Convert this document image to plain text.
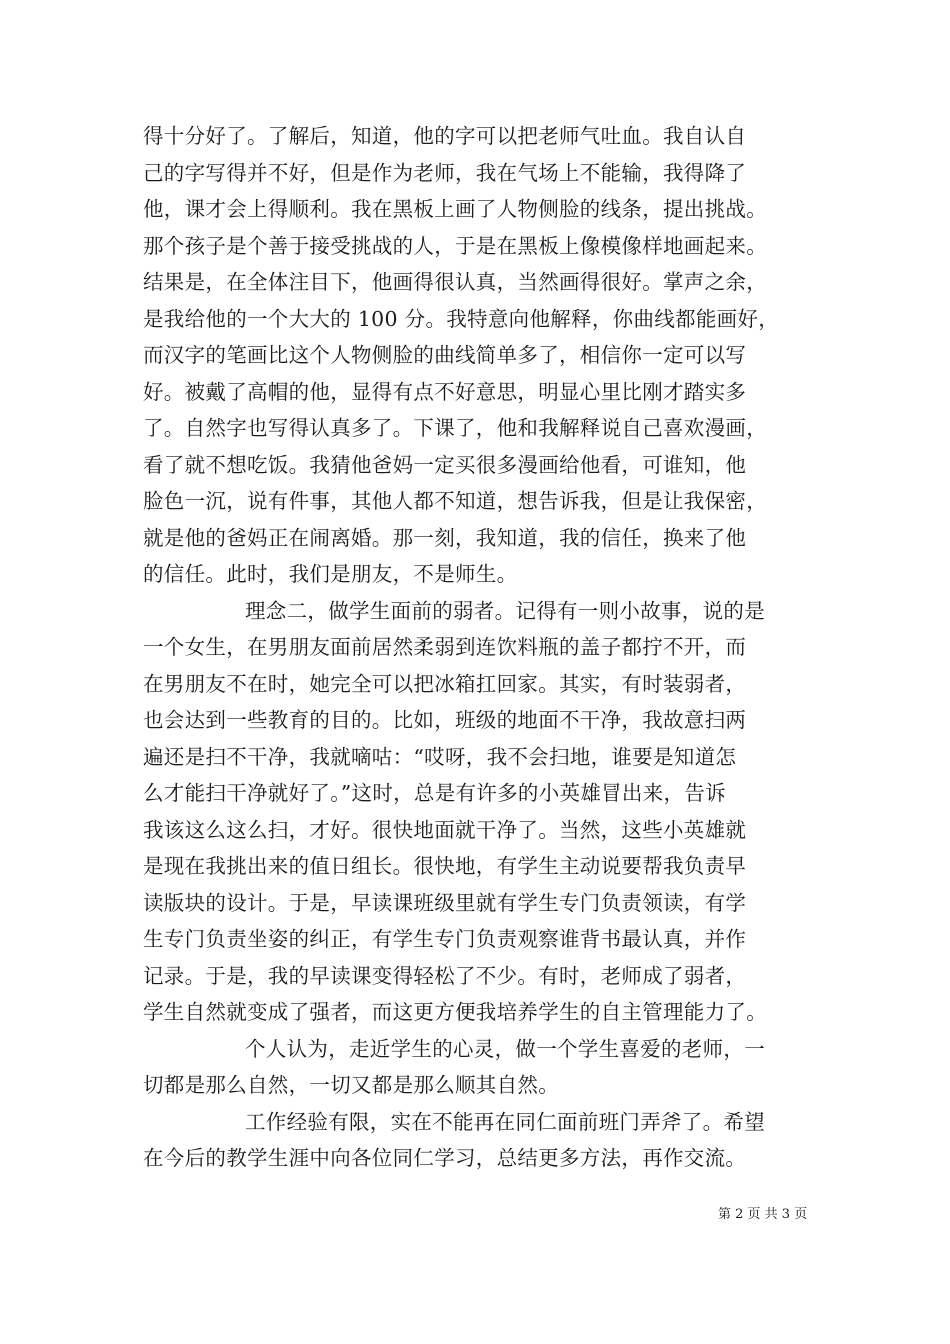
得十分好了。了解后，知道，他的字可以把老师气吐血。我自认自
己的字写得并不好，但是作为老师，我在气场上不能输，我得降了
他，课才会上得顺利。我在黑板上画了人物侧脸的线条，提出挑战。
那个孩子是个善于接受挑战的人，于是在黑板上像模像样地画起来。
结果是，在全体注目下，他画得很认真，当然画得很好。掌声之余，
是我给他的一个大大的 100 分。我特意向他解释，你曲线都能画好，
而汉字的笔画比这个人物侧脸的曲线简单多了，相信你一定可以写
好。被戴了高帽的他，显得有点不好意思，明显心里比刚才踏实多
了。自然字也写得认真多了。下课了，他和我解释说自己喜欢漫画，
看了就不想吃饭。我猜他爸妈一定买很多漫画给他看，可谁知，他
脸色一沉，说有件事，其他人都不知道，想告诉我，但是让我保密，
就是他的爸妈正在闹离婚。那一刻，我知道，我的信任，换来了他
的信任。此时，我们是朋友，不是师生。
理念二，做学生面前的弱者。记得有一则小故事，说的是
一个女生，在男朋友面前居然柔弱到连饮料瓶的盖子都拧不开，而
在男朋友不在时，她完全可以把冰箱扛回家。其实，有时装弱者，
也会达到一些教育的目的。比如，班级的地面不干净，我故意扫两
遍还是扫不干净，我就嘀咕：“哎呀，我不会扫地，谁要是知道怎
么才能扫干净就好了。”这时，总是有许多的小英雄冒出来，告诉
我该这么这么扫，才好。很快地面就干净了。当然，这些小英雄就
是现在我挑出来的值日组长。很快地，有学生主动说要帮我负责早
读版块的设计。于是，早读课班级里就有学生专门负责领读，有学
生专门负责坐姿的纠正，有学生专门负责观察谁背书最认真，并作
记录。于是，我的早读课变得轻松了不少。有时，老师成了弱者，
学生自然就变成了强者，而这更方便我培养学生的自主管理能力了。
个人认为，走近学生的心灵，做一个学生喜爱的老师，一
切都是那么自然，一切又都是那么顺其自然。
工作经验有限，实在不能再在同仁面前班门弄斧了。希望
在今后的教学生涯中向各位同仁学习，总结更多方法，再作交流。
第 2 页 共 3 页
